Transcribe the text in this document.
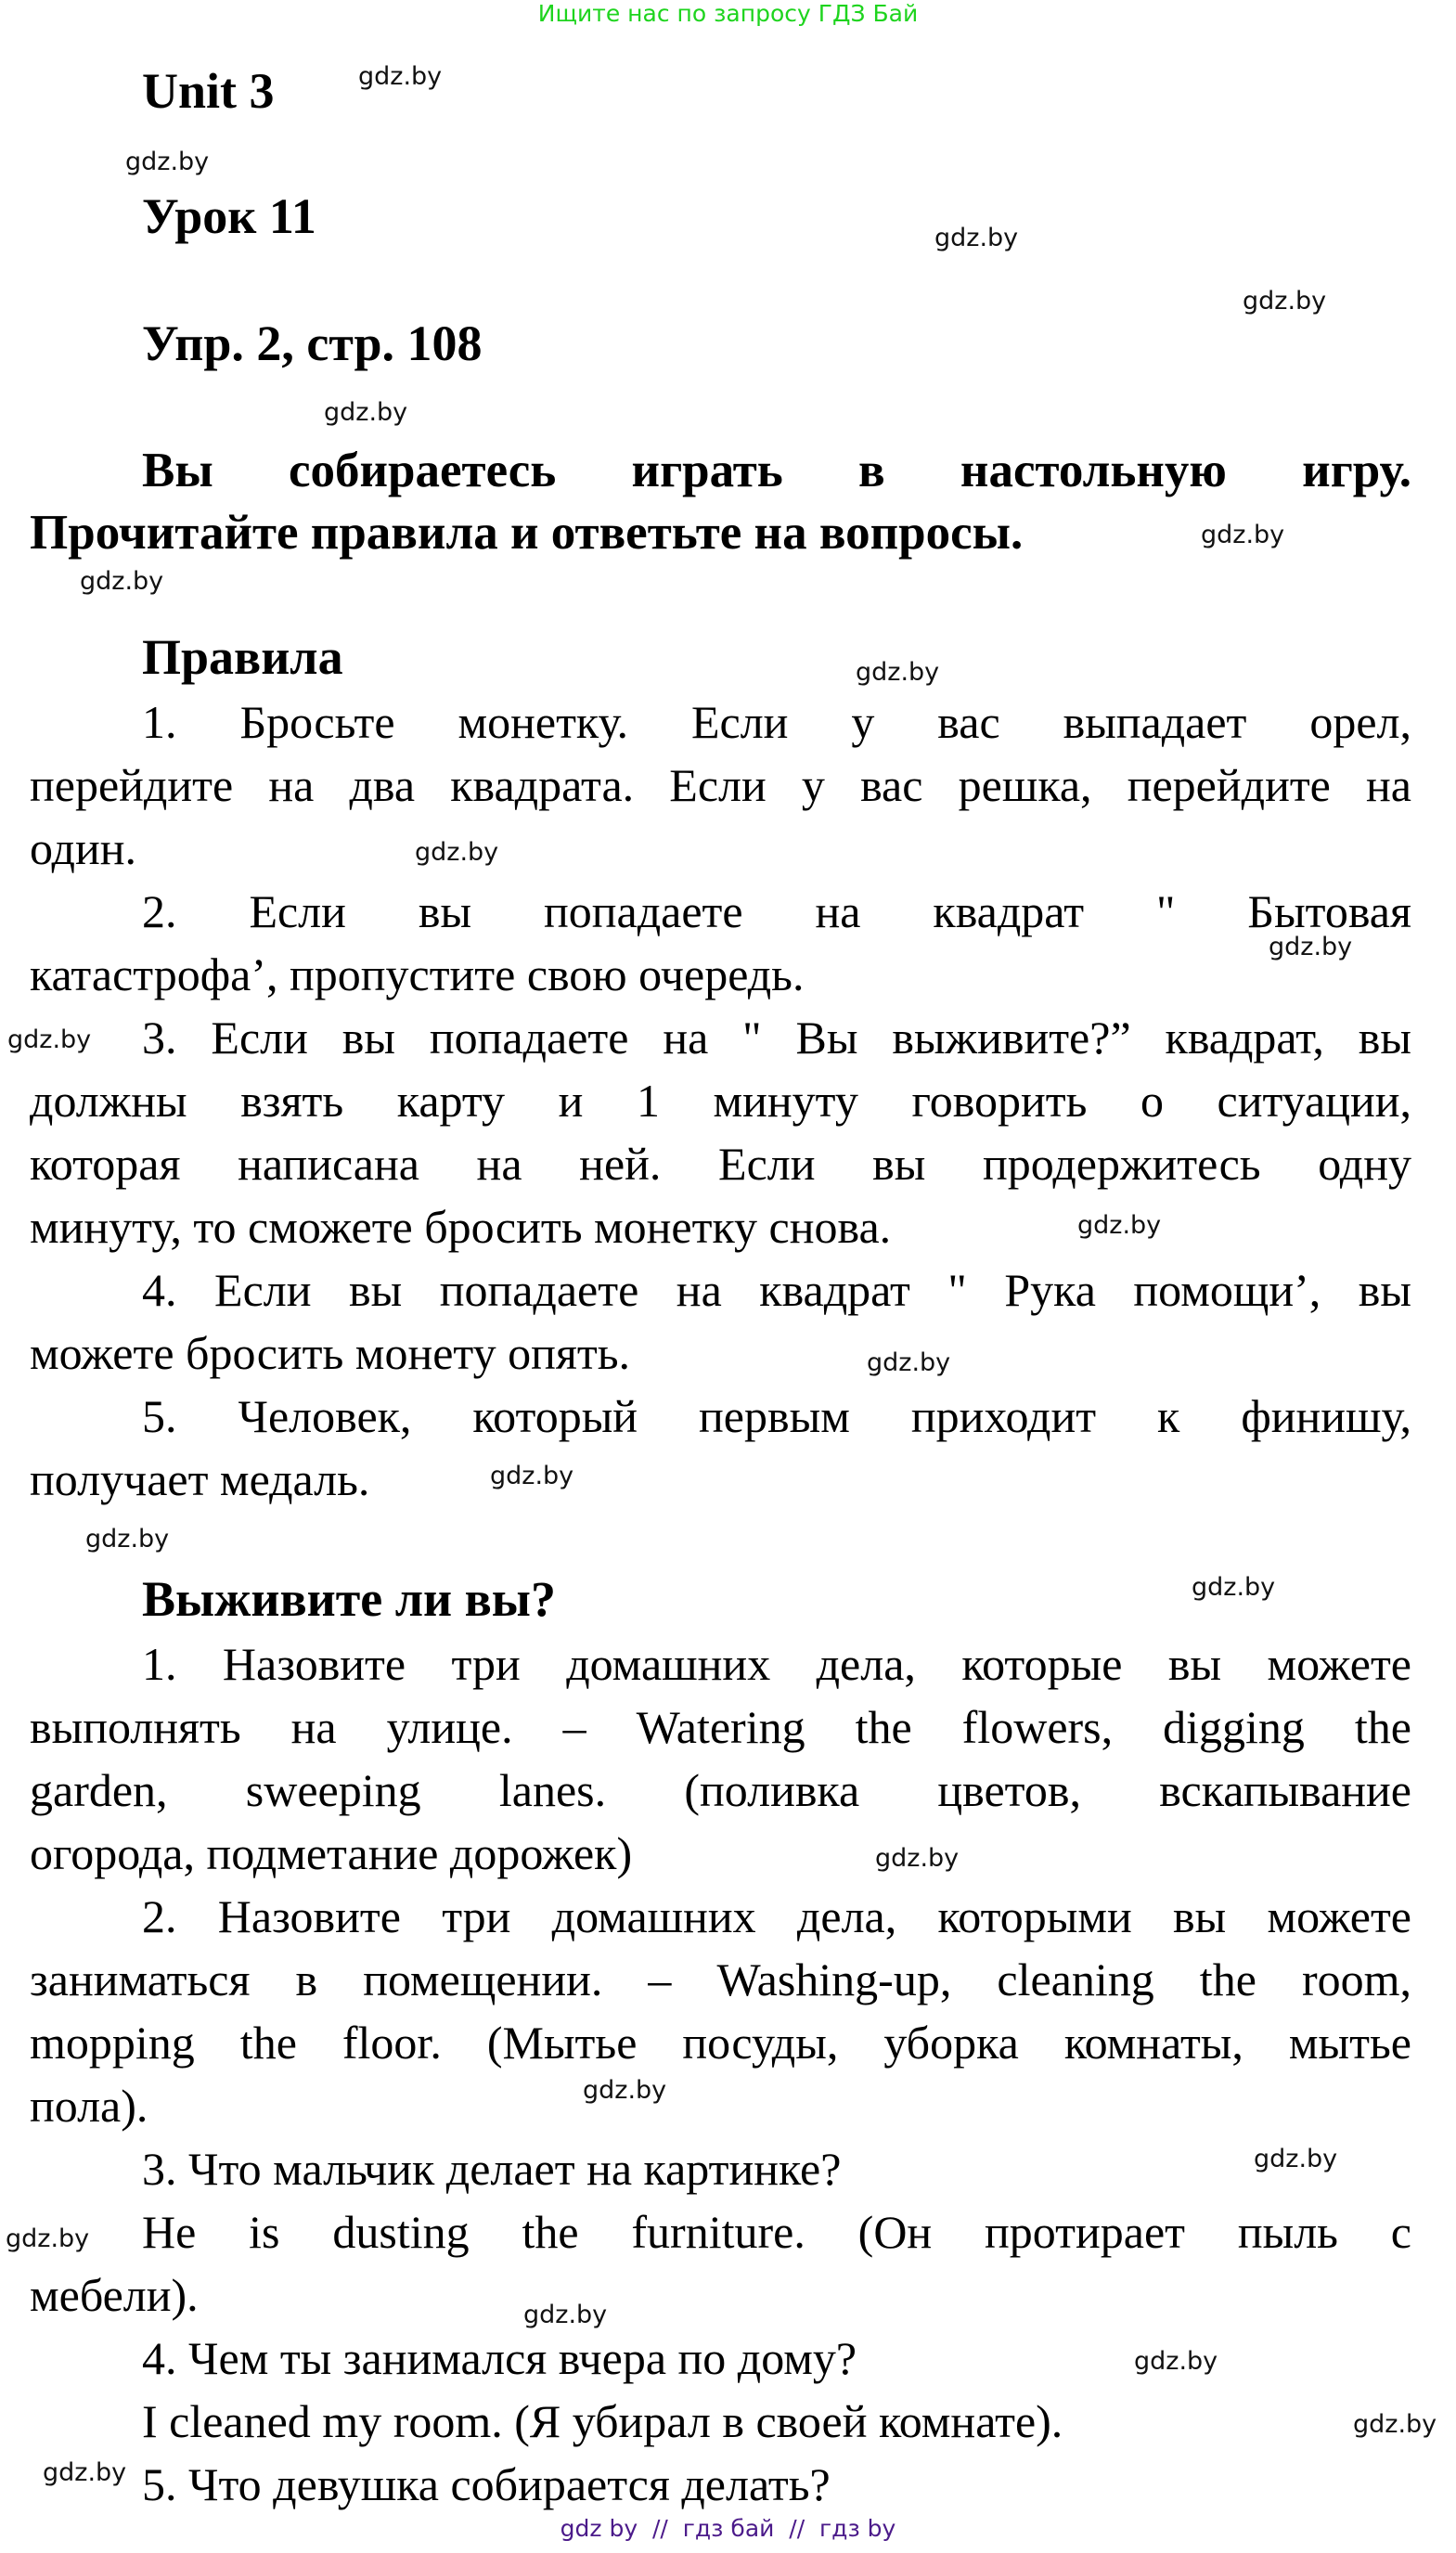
Ищите нас по запросу ГДЗ Бай
Unit 3
Урок 11
Упр. 2, стр. 108
Вы собираетесь играть в настольную игру.
Прочитайте правила и ответьте на вопросы.
Правила
1. Бросьте монетку. Если у вас выпадает орел,
перейдите на два квадрата. Если у вас решка, перейдите на
один.
2. Если вы попадаете на квадрат " Бытовая
катастрофа’, пропустите свою очередь.
3. Если вы попадаете на " Вы выживите?” квадрат, вы
должны взять карту и 1 минуту говорить о ситуации,
которая написана на ней. Если вы продержитесь одну
минуту, то сможете бросить монетку снова.
4. Если вы попадаете на квадрат " Рука помощи’, вы
можете бросить монету опять.
5. Человек, который первым приходит к финишу,
получает медаль.
Выживите ли вы?
1. Назовите три домашних дела, которые вы можете
выполнять на улице. – Watering the flowers, digging the
garden, sweeping lanes. (поливка цветов, вскапывание
огорода, подметание дорожек)
2. Назовите три домашних дела, которыми вы можете
заниматься в помещении. – Washing-up, cleaning the room,
mopping the floor. (Мытье посуды, уборка комнаты, мытье
пола).
3. Что мальчик делает на картинке?
He is dusting the furniture. (Он протирает пыль с
мебели).
4. Чем ты занимался вчера по дому?
I cleaned my room. (Я убирал в своей комнате).
5. Что девушка собирается делать?
gdz.by
gdz.by
gdz.by
gdz.by
gdz.by
gdz.by
gdz.by
gdz.by
gdz.by
gdz.by
gdz.by
gdz.by
gdz.by
gdz.by
gdz.by
gdz.by
gdz.by
gdz.by
gdz.by
gdz.by
gdz.by
gdz.by
gdz.by
gdz.by
gdz by  //  гдз бай  //  гдз by
